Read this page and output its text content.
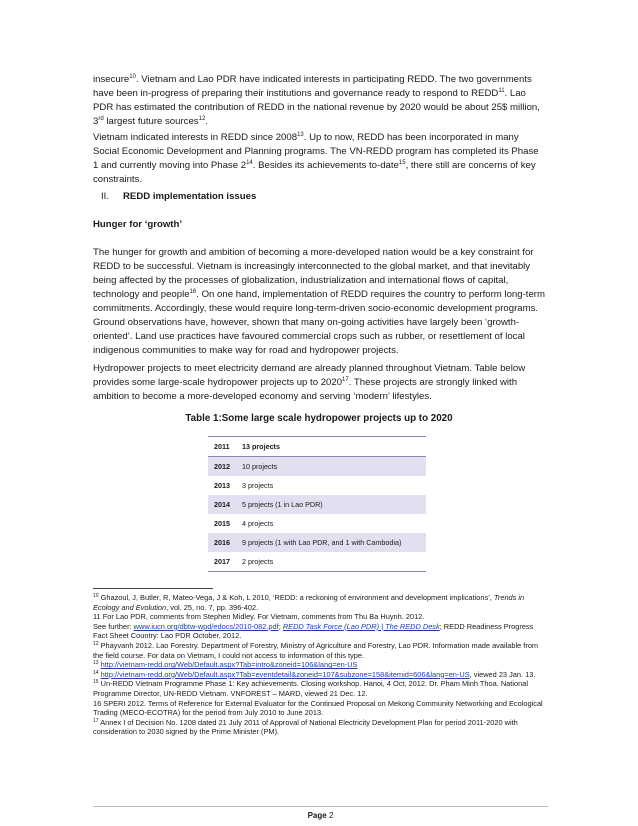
insecure$^{10}$. Vietnam and Lao PDR have indicated interests in participating REDD. The two governments have been in-progress of preparing their institutions and governance ready to respond to REDD$^{11}$. Lao PDR has estimated the contribution of REDD in the national revenue by 2020 would be about 25$ million, 3rd largest future sources$^{12}$.

Vietnam indicated interests in REDD since 2008$^{13}$. Up to now, REDD has been incorporated in many Social Economic Development and Planning programs. The VN-REDD program has completed its Phase 1 and currently moving into Phase $2^{14}$. Besides its achievements to-date$^{15}$, there still are concerns of key constraints.

II. REDD implementation issues
Hunger for ‘growth’

The hunger for growth and ambition of becoming a more-developed nation would be a key constraint for REDD to be successful. Vietnam is increasingly interconnected to the global market, and that inevitably being affected by the processes of globalization, industrialization and international flows of capital, technology and people$^{16}$. On one hand, implementation of REDD requires the country to perform long-term commitments. Accordingly, these would require long-term-driven socio-economic development programs. Ground observations have, however, shown that many on-going activities have largely been ‘growth-oriented’. Land use practices have favoured commercial crops such as rubber, or resettlement of local indigenous communities to make way for road and hydropower projects.

Hydropower projects to meet electricity demand are already planned throughout Vietnam. Table below provides some large-scale hydropower projects up to 2020$^{17}$. These projects are strongly linked with ambition to become a more-developed economy and serving ‘modern’ lifestyles.

Table 1:Some large scale hydropower projects up to 2020
2011	13 projects
2012	10 projects
2013	3 projects
2014	5 projects (1 in Lao PDR)
2015	4 projects
2016	9 projects (1 with Lao PDR, and 1 with Cambodia)
2017	2 projects

$^{10}$ Ghazoul, J, Butler, R, Mateo-Vega, J & Koh, L 2010, ‘REDD: a reckoning of environment and development implications’, Trends in Ecology and Evolution, vol. 25, no. 7, pp. 396-402.

11 For Lao PDR, comments from Stephen Midley. For Vietnam, comments from Thu Ba Huynh. 2012.

See further: www.iucn.org/dbtw-wpd/edocs/2010-082.pdf; REDD Task Force (Lao PDR) | The REDD Desk; REDD Readiness Progress Fact Sheet Country: Lao PDR October, 2012.

$^{12}$ Phayvanh 2012. Lao Forestry. Department of Forestry, Ministry of Agriculture and Forestry, Lao PDR. Information made available from the field course. For data on Vietnam, I could not access to information of this type.

$^{13}$ http://vietnam-redd.org/Web/Default.aspx?Tab=intro&zoneid=106&lang=en-US

$^{14}$ http://vietnam-redd.org/Web/Default.aspx?Tab=eventdetail&zoneid=107&subzone=158&itemid=606&lang=en-US, viewed 23 Jan. 13.

$^{15}$ Un-REDD Vietnam Programme Phase 1: Key achievements. Closing workshop. Hanoi, 4 Oct, 2012. Dr. Pham Minh Thoa. National Programme Director, UN-REDD Vietnam. VNFOREST – MARD, viewed 21 Dec. 12.

16 SPERI 2012. Terms of Reference for External Evaluator for the Continued Proposal on Mekong Community Networking and Ecological Trading (MECO-ECOTRA) for the period from July 2010 to June 2013.

$^{17}$ Annex I of Decision No. 1208 dated 21 July 2011 of Approval of National Electricity Development Plan for period 2011-2020 with consideration to 2030 signed by the Prime Minister (PM).

Page 2
